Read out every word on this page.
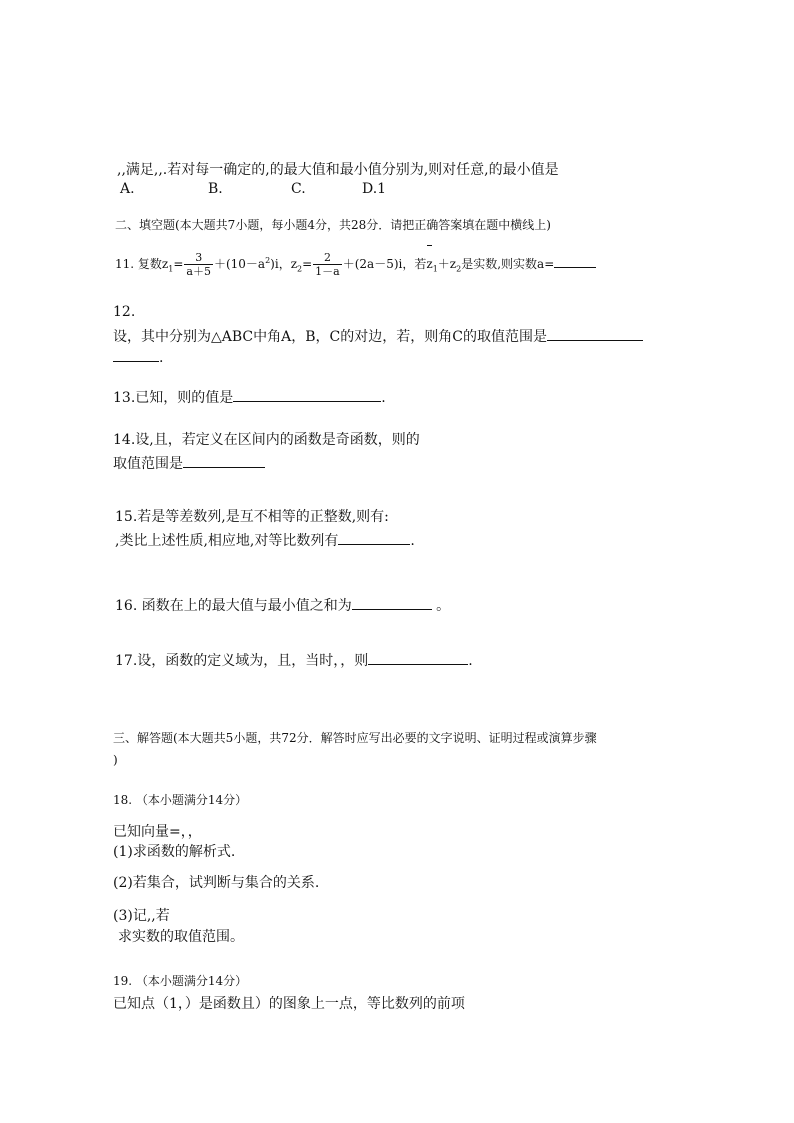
,,满足,,.若对每一确定的,的最大值和最小值分别为,则对任意,的最小值是
A.	B.	C.	D.1
二、填空题(本大题共7小题，每小题4分，共28分．请把正确答案填在题中横线上)
11. 复数$z_1= \frac{3}{a+5} +(10-a^2)i$，$z_2= \frac{2}{1-a} +(2a-5)i$，若$z_1+z_2$是实数,则实数a=
12.
设，其中分别为△ABC中角A，B，C的对边，若，则角C的取值范围是
.
13.已知，则的值是	.
14.设,且，若定义在区间内的函数是奇函数，则的
取值范围是
15.若是等差数列,是互不相等的正整数,则有:
,类比上述性质,相应地,对等比数列有	.
16. 函数在上的最大值与最小值之和为	。
17.设，函数的定义域为，且，当时，，则	.
三、解答题(本大题共5小题，共72分．解答时应写出必要的文字说明、证明过程或演算步骤
)
18. （本小题满分14分）
已知向量=，，
(1)求函数的解析式.
(2)若集合，试判断与集合的关系.
(3)记,,若
求实数的取值范围。
19. （本小题满分14分）
已知点（1，）是函数且）的图象上一点，等比数列的前项
